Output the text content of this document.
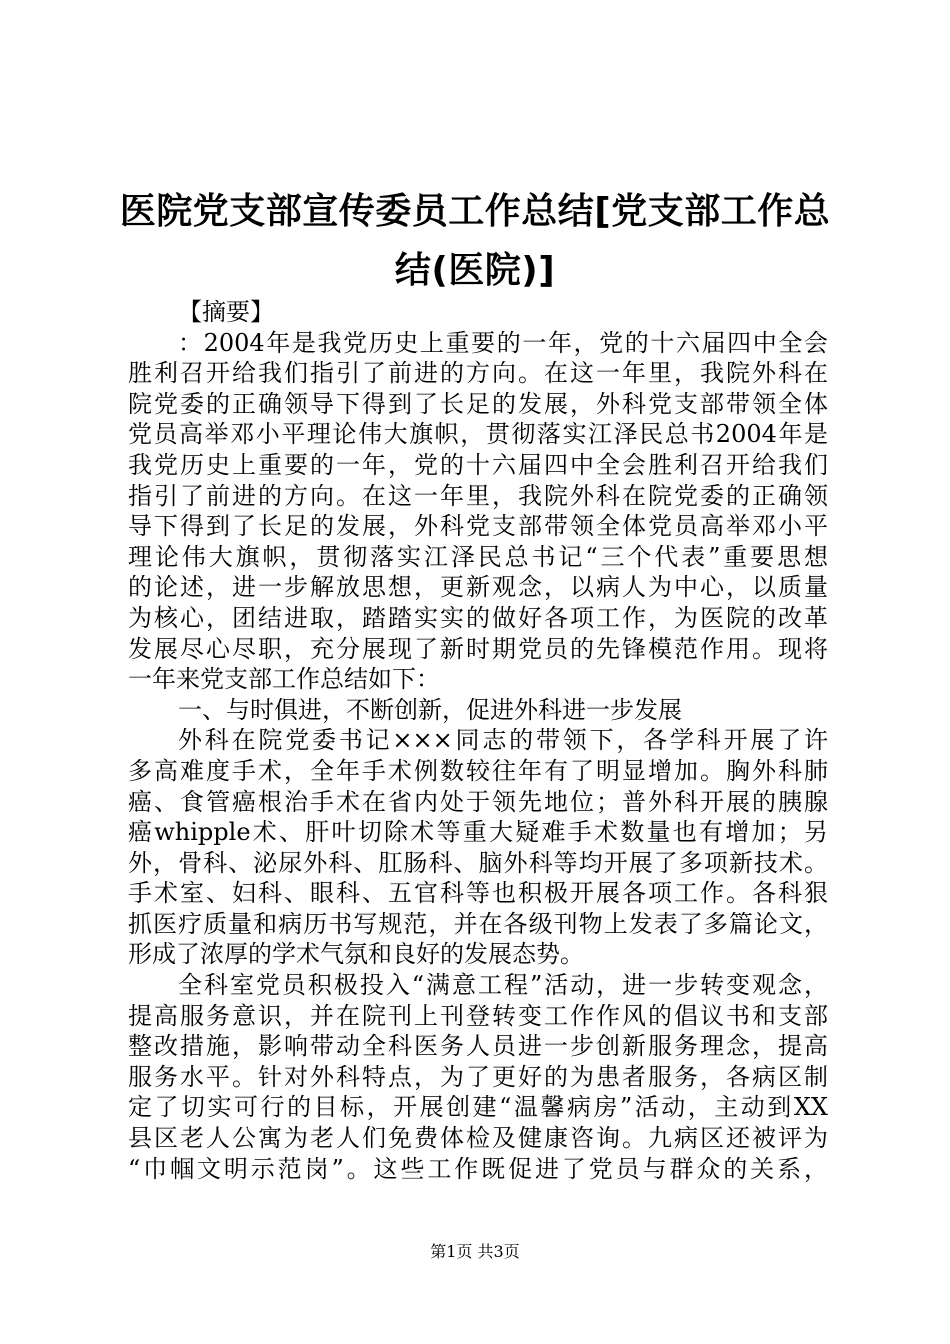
医院党支部宣传委员工作总结[党支部工作总
结(医院)]
【摘要】
：2004年是我党历史上重要的一年，党的十六届四中全会
胜利召开给我们指引了前进的方向。在这一年里，我院外科在
院党委的正确领导下得到了长足的发展，外科党支部带领全体
党员高举邓小平理论伟大旗帜，贯彻落实江泽民总书2004年是
我党历史上重要的一年，党的十六届四中全会胜利召开给我们
指引了前进的方向。在这一年里，我院外科在院党委的正确领
导下得到了长足的发展，外科党支部带领全体党员高举邓小平
理论伟大旗帜，贯彻落实江泽民总书记“三个代表”重要思想
的论述，进一步解放思想，更新观念，以病人为中心，以质量
为核心，团结进取，踏踏实实的做好各项工作，为医院的改革
发展尽心尽职，充分展现了新时期党员的先锋模范作用。现将
一年来党支部工作总结如下：
一、与时俱进，不断创新，促进外科进一步发展
外科在院党委书记×××同志的带领下，各学科开展了许
多高难度手术，全年手术例数较往年有了明显增加。胸外科肺
癌、食管癌根治手术在省内处于领先地位；普外科开展的胰腺
癌whipple术、肝叶切除术等重大疑难手术数量也有增加；另
外，骨科、泌尿外科、肛肠科、脑外科等均开展了多项新技术。
手术室、妇科、眼科、五官科等也积极开展各项工作。各科狠
抓医疗质量和病历书写规范，并在各级刊物上发表了多篇论文，
形成了浓厚的学术气氛和良好的发展态势。
全科室党员积极投入“满意工程”活动，进一步转变观念，
提高服务意识，并在院刊上刊登转变工作作风的倡议书和支部
整改措施，影响带动全科医务人员进一步创新服务理念，提高
服务水平。针对外科特点，为了更好的为患者服务，各病区制
定了切实可行的目标，开展创建“温馨病房”活动，主动到XX
县区老人公寓为老人们免费体检及健康咨询。九病区还被评为
“巾帼文明示范岗”。这些工作既促进了党员与群众的关系，
第1页 共3页
